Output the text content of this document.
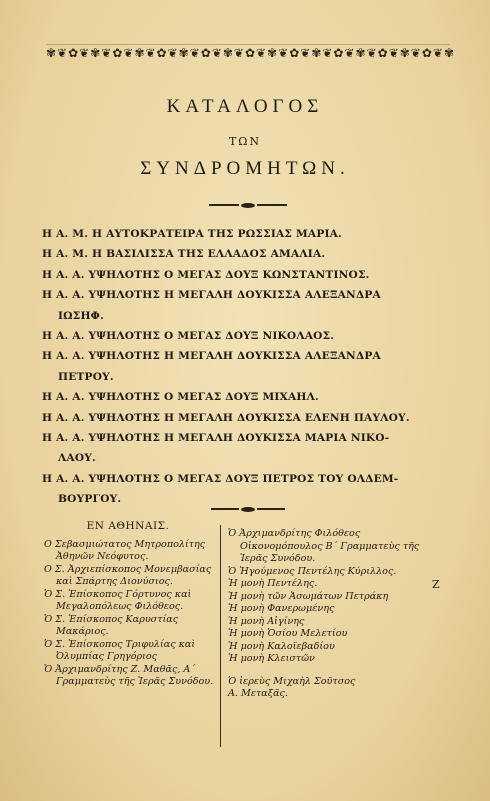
✾❦✿❦✾❦✿❦✾❦✿❦✾❦✿❦✾❦✿❦✾❦✿❦✾❦✿❦✾❦✿❦✾❦✿❦✾
ΚΑΤΑΛΟΓΟΣ
ΤΩΝ
ΣΥΝΔΡΟΜΗΤΩΝ.
Η Α. Μ. Η ΑΥΤΟΚΡΑΤΕΙΡΑ ΤΗΣ ΡΩΣΣΙΑΣ ΜΑΡΙΑ.
Η Α. Μ. Η ΒΑΣΙΛΙΣΣΑ ΤΗΣ ΕΛΛΑΔΟΣ ΑΜΑΛΙΑ.
Η Α. Α. ΥΨΗΛΟΤΗΣ Ο ΜΕΓΑΣ ΔΟΥΞ ΚΩΝΣΤΑΝΤΙΝΟΣ.
Η Α. Α. ΥΨΗΛΟΤΗΣ Η ΜΕΓΑΛΗ ΔΟΥΚΙΣΣΑ ΑΛΕΞΑΝΔΡΑ
ΙΩΣΗΦ.
Η Α. Α. ΥΨΗΛΟΤΗΣ Ο ΜΕΓΑΣ ΔΟΥΞ ΝΙΚΟΛΑΟΣ.
Η Α. Α. ΥΨΗΛΟΤΗΣ Η ΜΕΓΑΛΗ ΔΟΥΚΙΣΣΑ ΑΛΕΞΑΝΔΡΑ
ΠΕΤΡΟΥ.
Η Α. Α. ΥΨΗΛΟΤΗΣ Ο ΜΕΓΑΣ ΔΟΥΞ ΜΙΧΑΗΛ.
Η Α. Α. ΥΨΗΛΟΤΗΣ Η ΜΕΓΑΛΗ ΔΟΥΚΙΣΣΑ ΕΛΕΝΗ ΠΑΥΛΟΥ.
Η Α. Α. ΥΨΗΛΟΤΗΣ Η ΜΕΓΑΛΗ ΔΟΥΚΙΣΣΑ ΜΑΡΙΑ ΝΙΚΟ-
ΛΑΟΥ.
Η Α. Α. ΥΨΗΛΟΤΗΣ Ο ΜΕΓΑΣ ΔΟΥΞ ΠΕΤΡΟΣ ΤΟΥ ΟΛΔΕΜ-
ΒΟΥΡΓΟΥ.
ΕΝ ΑΘΗΝΑΙΣ.
Ο Σεβασμιώτατος Μητροπολίτης Ἀθηνῶν Νεόφυτος.
Ο Σ. Ἀρχιεπίσκοπος Μονεμβασίας καὶ Σπάρτης Διονύσιος.
Ὁ Σ. Ἐπίσκοπος Γόρτυνος καὶ Μεγαλοπόλεως Φιλόθεος.
Ὁ Σ. Ἐπίσκοπος Καρυστίας Μακάριος.
Ὁ Σ. Ἐπίσκοπος Τριφυλίας καὶ Ὀλυμπίας Γρηγόριος
Ὁ Ἀρχιμανδρίτης Ζ. Μαθᾶς, Α΄ Γραμματεὺς τῆς Ἱερᾶς Συνόδου.
Ὁ Ἀρχιμανδρίτης Φιλόθεος Οἰκονομόπουλος Β΄ Γραμματεὺς τῆς Ἱερᾶς Συνόδου.
Ὁ Ἡγούμενος Πεντέλης Κύριλλος.
Ἡ μονὴ Πεντέλης.
Ἡ μονὴ τῶν Ἀσωμάτων Πετράκη
Ἡ μονὴ Φανερωμένης
Ἡ μονὴ Αἰγίνης
Ἡ μονὴ Ὁσίου Μελετίου
Ἡ μονὴ Καλοϊεβαδίου
Ἡ μονὴ Κλειστῶν
Ὁ ἱερεὺς Μιχαὴλ Σοῦτσος
Α. Μεταξᾶς.
Ζ
